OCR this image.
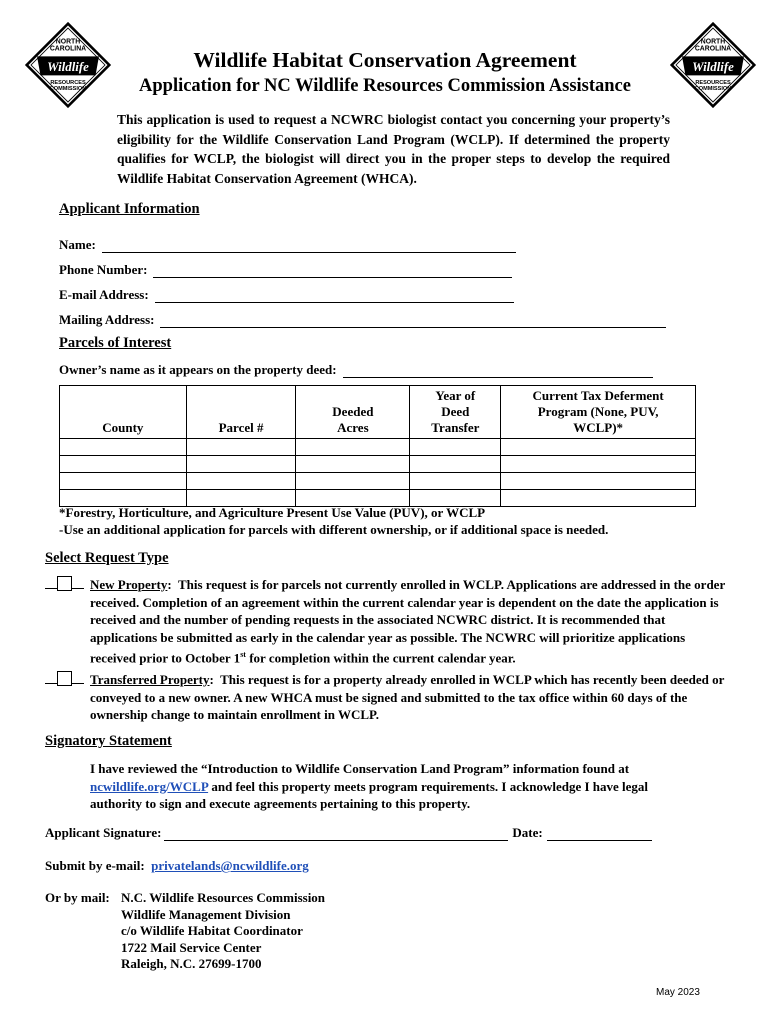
NORTH
CAROLINA
Wildlife
RESOURCES
COMMISSION
NORTH
CAROLINA
Wildlife
RESOURCES
COMMISSION
Wildlife Habitat Conservation Agreement
Application for NC Wildlife Resources Commission Assistance
This application is used to request a NCWRC biologist contact you concerning your property’s eligibility for the Wildlife Conservation Land Program (WCLP). If determined the property qualifies for WCLP, the biologist will direct you in the proper steps to develop the required Wildlife Habitat Conservation Agreement (WHCA).
Applicant Information
Name:
Phone Number:
E-mail Address:
Mailing Address:
Parcels of Interest
Owner’s name as it appears on the property deed:
County	Parcel #	Deeded Acres	Year of Deed Transfer	Current Tax Deferment Program (None, PUV, WCLP)*

*Forestry, Horticulture, and Agriculture Present Use Value (PUV), or WCLP
-Use an additional application for parcels with different ownership, or if additional space is needed.
Select Request Type
New Property:  This request is for parcels not currently enrolled in WCLP. Applications are addressed in the order received. Completion of an agreement within the current calendar year is dependent on the date the application is received and the number of pending requests in the associated NCWRC district. It is recommended that applications be submitted as early in the calendar year as possible. The NCWRC will prioritize applications received prior to October 1st for completion within the current calendar year.
Transferred Property:  This request is for a property already enrolled in WCLP which has recently been deeded or conveyed to a new owner. A new WHCA must be signed and submitted to the tax office within 60 days of the ownership change to maintain enrollment in WCLP.
Signatory Statement
I have reviewed the “Introduction to Wildlife Conservation Land Program” information found at ncwildlife.org/WCLP and feel this property meets program requirements. I acknowledge I have legal authority to sign and execute agreements pertaining to this property.
Applicant Signature:	Date:
Submit by e-mail: privatelands@ncwildlife.org
Or by mail: N.C. Wildlife Resources Commission
Wildlife Management Division
c/o Wildlife Habitat Coordinator
1722 Mail Service Center
Raleigh, N.C. 27699-1700
May 2023
